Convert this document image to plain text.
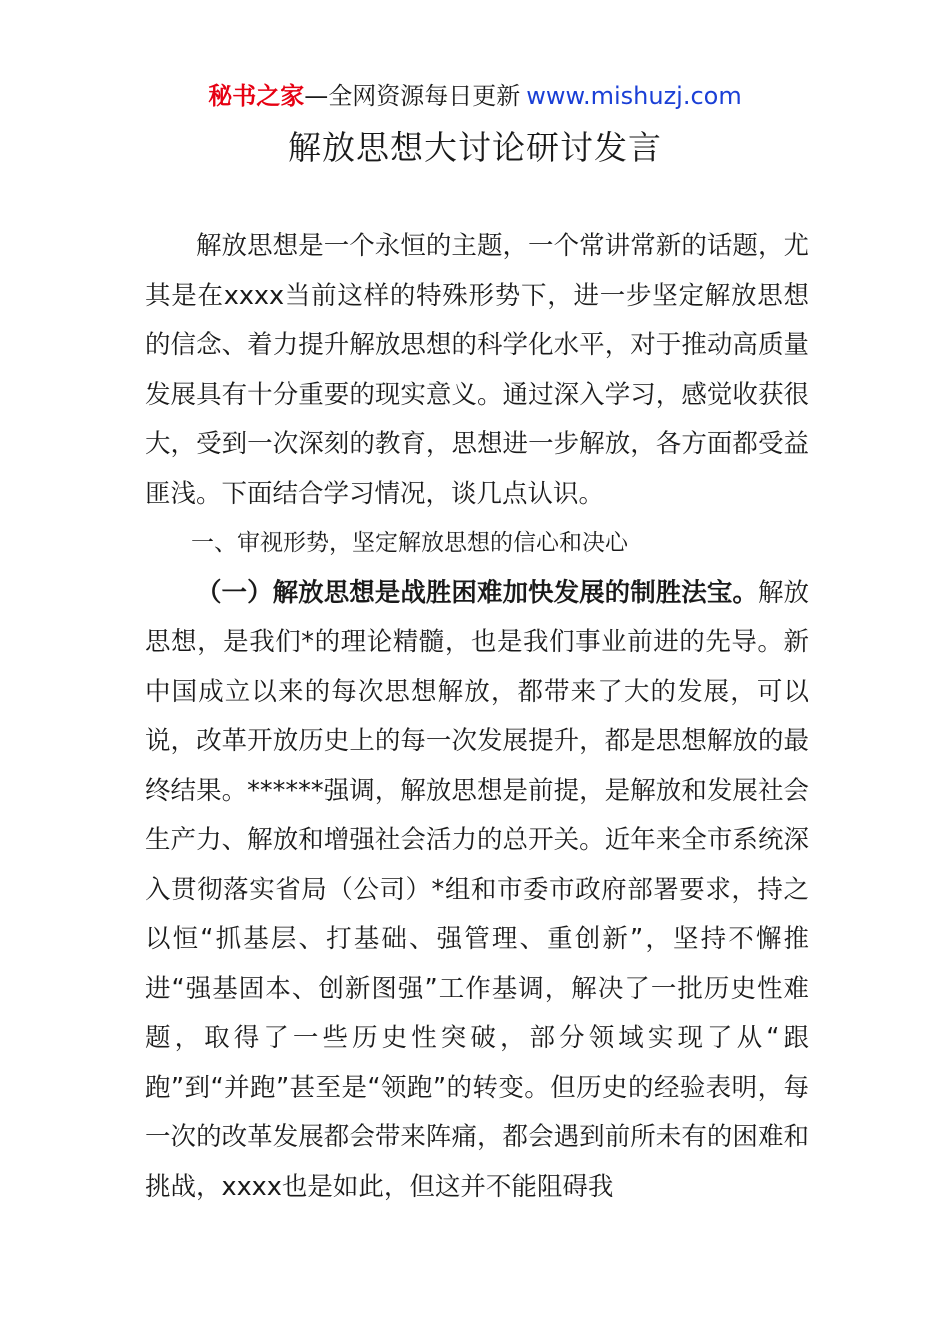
秘书之家—全网资源每日更新 www.mishuzj.com
解放思想大讨论研讨发言

解放思想是一个永恒的主题，一个常讲常新的话题，尤其是在xxxx当前这样的特殊形势下，进一步坚定解放思想的信念、着力提升解放思想的科学化水平，对于推动高质量发展具有十分重要的现实意义。通过深入学习，感觉收获很大，受到一次深刻的教育，思想进一步解放，各方面都受益匪浅。下面结合学习情况，谈几点认识。

一、审视形势，坚定解放思想的信心和决心

（一）解放思想是战胜困难加快发展的制胜法宝。解放思想，是我们*的理论精髓，也是我们事业前进的先导。新中国成立以来的每次思想解放，都带来了大的发展，可以说，改革开放历史上的每一次发展提升，都是思想解放的最终结果。******强调，解放思想是前提，是解放和发展社会生产力、解放和增强社会活力的总开关。近年来全市系统深入贯彻落实省局（公司）*组和市委市政府部署要求，持之以恒“抓基层、打基础、强管理、重创新”，坚持不懈推进“强基固本、创新图强”工作基调，解决了一批历史性难题，取得了一些历史性突破，部分领域实现了从“跟跑”到“并跑”甚至是“领跑”的转变。但历史的经验表明，每一次的改革发展都会带来阵痛，都会遇到前所未有的困难和挑战，xxxx也是如此，但这并不能阻碍我
